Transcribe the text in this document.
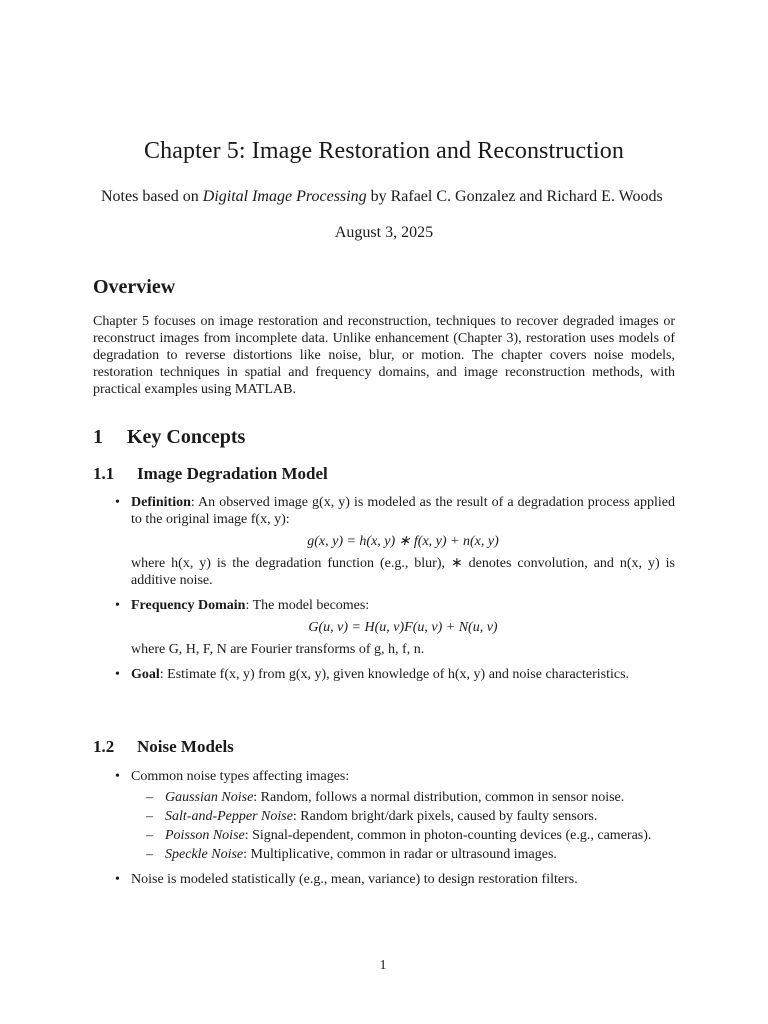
Chapter 5: Image Restoration and Reconstruction
Notes based on Digital Image Processing by Rafael C. Gonzalez and Richard E. Woods
August 3, 2025
Overview

Chapter 5 focuses on image restoration and reconstruction, techniques to recover degraded images or reconstruct images from incomplete data. Unlike enhancement (Chapter 3), restoration uses models of degradation to reverse distortions like noise, blur, or motion. The chapter covers noise models, restoration techniques in spatial and frequency domains, and image reconstruction methods, with practical examples using MATLAB.

1 Key Concepts
1.1 Image Degradation Model
• Definition: An observed image g(x, y) is modeled as the result of a degradation process applied to the original image f(x, y):
g(x, y) = h(x, y) ∗ f(x, y) + n(x, y)
where h(x, y) is the degradation function (e.g., blur), ∗ denotes convolution, and n(x, y) is additive noise.
• Frequency Domain: The model becomes:
G(u, v) = H(u, v)F(u, v) + N(u, v)
where G, H, F, N are Fourier transforms of g, h, f, n.
• Goal: Estimate f(x, y) from g(x, y), given knowledge of h(x, y) and noise characteristics.
1.2 Noise Models
• Common noise types affecting images:
– Gaussian Noise: Random, follows a normal distribution, common in sensor noise.
– Salt-and-Pepper Noise: Random bright/dark pixels, caused by faulty sensors.
– Poisson Noise: Signal-dependent, common in photon-counting devices (e.g., cameras).
– Speckle Noise: Multiplicative, common in radar or ultrasound images.
• Noise is modeled statistically (e.g., mean, variance) to design restoration filters.
1
